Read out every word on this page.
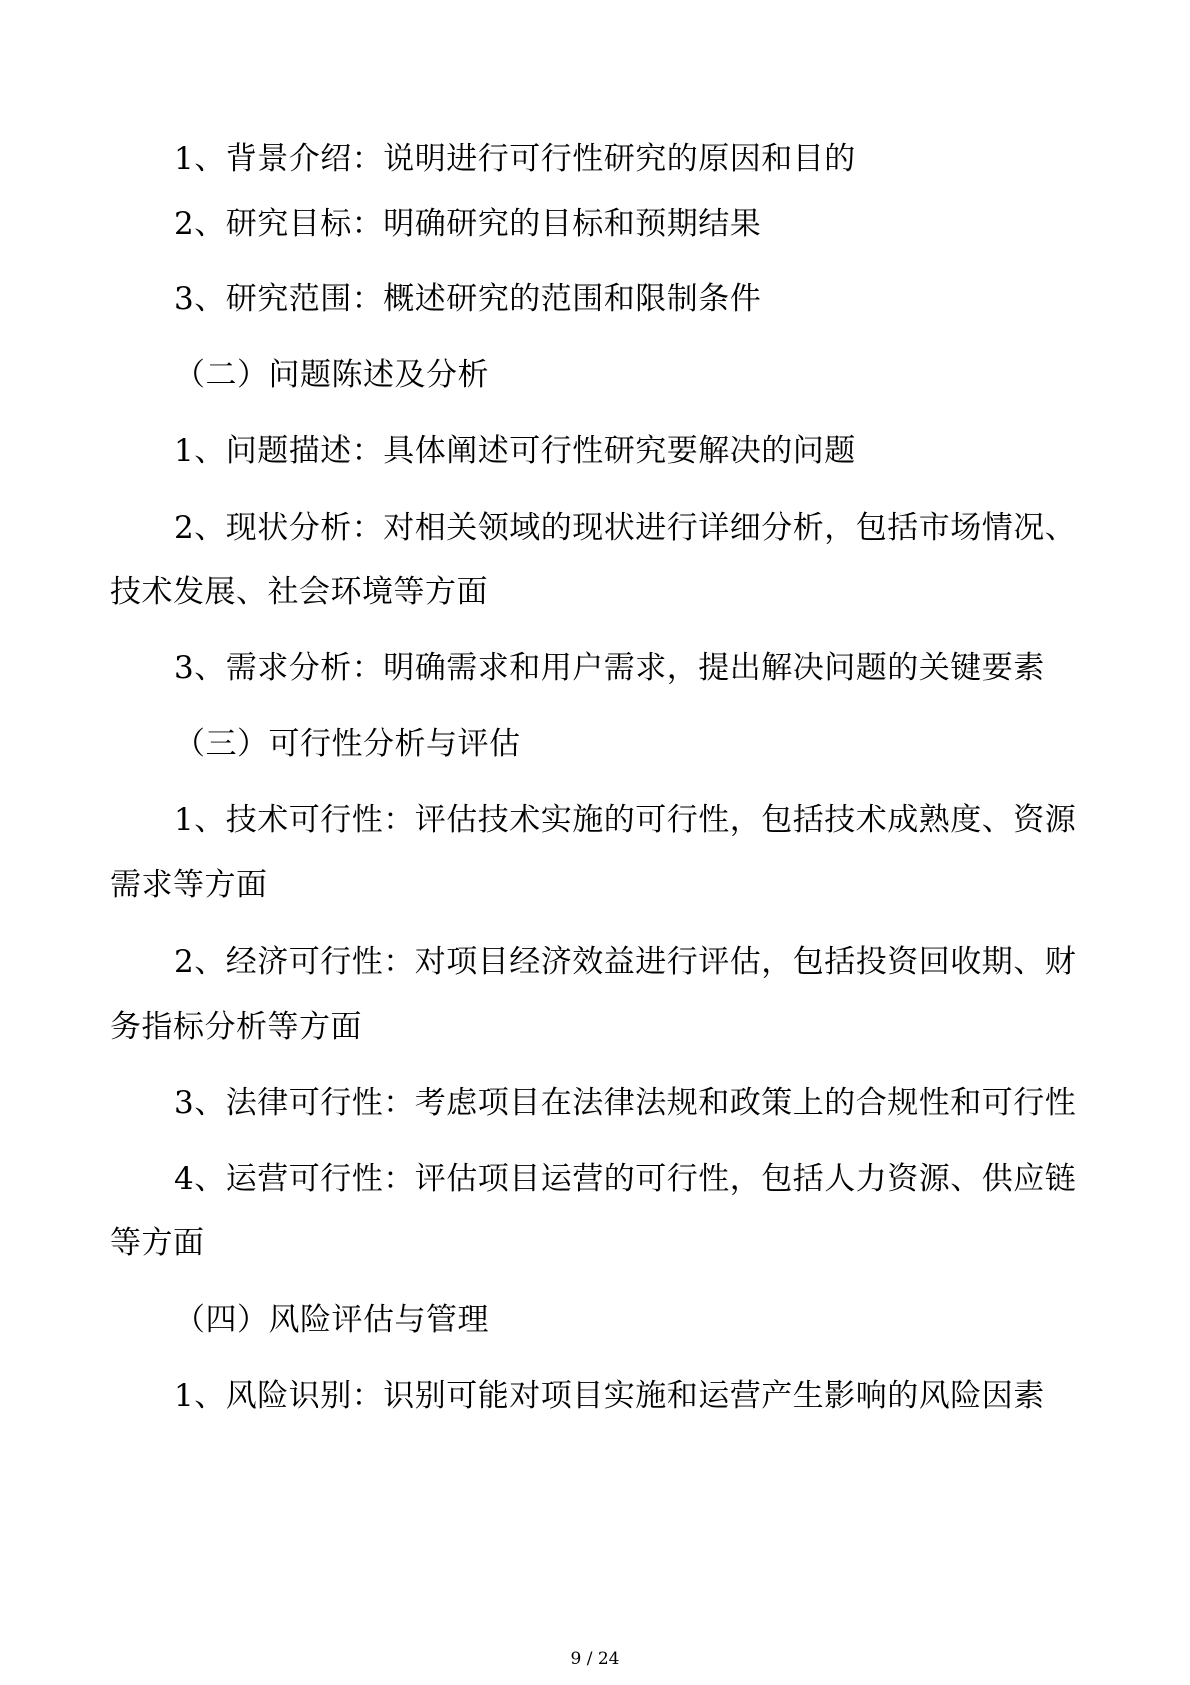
1、背景介绍：说明进行可行性研究的原因和目的
2、研究目标：明确研究的目标和预期结果
3、研究范围：概述研究的范围和限制条件
（二）问题陈述及分析
1、问题描述：具体阐述可行性研究要解决的问题
2、现状分析：对相关领域的现状进行详细分析，包括市场情况、
技术发展、社会环境等方面
3、需求分析：明确需求和用户需求，提出解决问题的关键要素
（三）可行性分析与评估
1、技术可行性：评估技术实施的可行性，包括技术成熟度、资源
需求等方面
2、经济可行性：对项目经济效益进行评估，包括投资回收期、财
务指标分析等方面
3、法律可行性：考虑项目在法律法规和政策上的合规性和可行性
4、运营可行性：评估项目运营的可行性，包括人力资源、供应链
等方面
（四）风险评估与管理
1、风险识别：识别可能对项目实施和运营产生影响的风险因素
9 / 24
